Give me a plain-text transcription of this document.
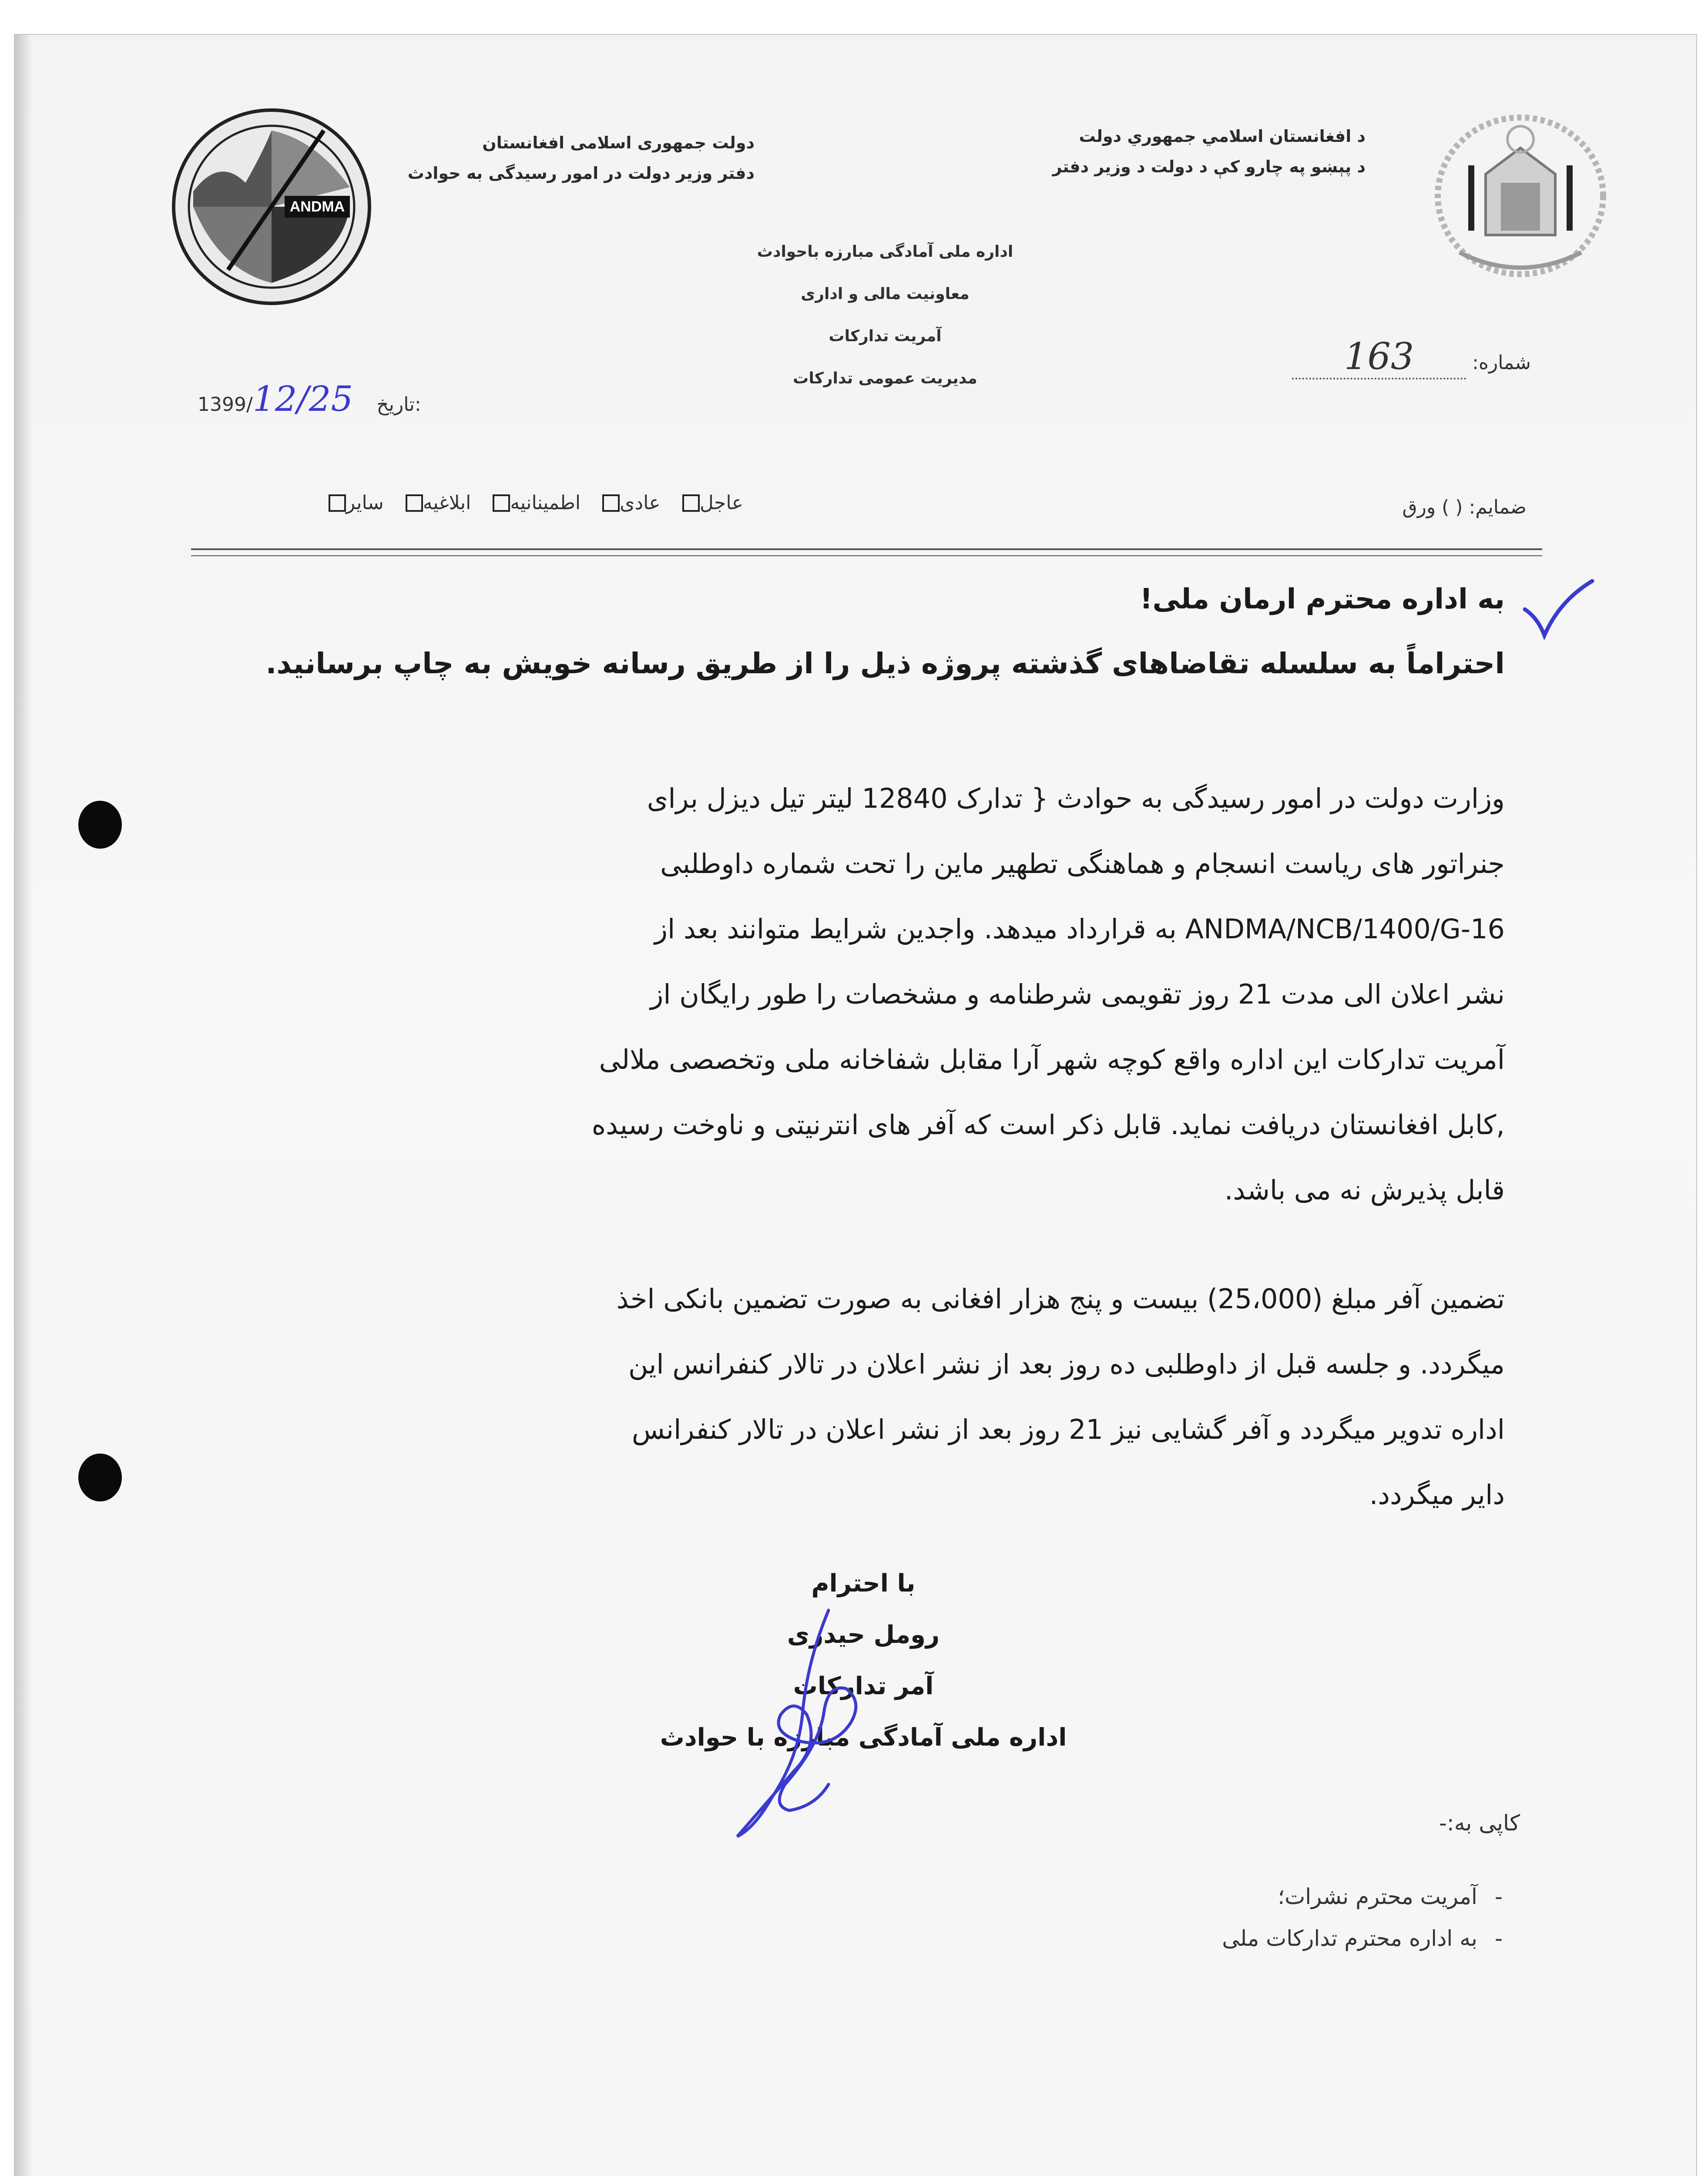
ANDMA
د افغانستان اسلامي جمهوري دولت
د پېښو په چارو کې د دولت د وزیر دفتر
دولت جمهوری اسلامی افغانستان
دفتر وزیر دولت در امور رسیدگی به حوادث
اداره ملی آمادگی مبارزه باحوادث
معاونیت مالی و اداری
آمریت تدارکات
مدیریت عمومی تدارکات
شماره: 163
1399/12/25 تاریخ:
ضمایم: ( ) ورق
عاجل

عادی

اطمینانیه

ابلاغیه

سایر
به اداره محترم ارمان ملی!
احتراماً به سلسله تقاضاهای گذشته پروژه ذیل را از طریق رسانه خویش به چاپ برسانید.
وزارت دولت در امور رسیدگی به حوادث { تدارک 12840 لیتر تیل دیزل برای
جنراتور های ریاست انسجام و هماهنگی تطهیر ماین را تحت شماره داوطلبی
ANDMA/NCB/1400/G-16 به قرارداد میدهد. واجدین شرایط متوانند بعد از
نشر اعلان الی مدت 21 روز تقویمی شرطنامه و مشخصات را طور رایگان از
آمریت تدارکات این اداره واقع کوچه شهر آرا مقابل شفاخانه ملی وتخصصی ملالی
,کابل افغانستان دریافت نماید. قابل ذکر است که آفر های انترنیتی و ناوخت رسیده
قابل پذیرش نه می باشد.
تضمین آفر مبلغ (25،000) بیست و پنج هزار افغانی به صورت تضمین بانکی اخذ
میگردد. و جلسه قبل از داوطلبی ده روز بعد از نشر اعلان در تالار کنفرانس این
اداره تدویر میگردد و آفر گشایی نیز 21 روز بعد از نشر اعلان در تالار کنفرانس
دایر میگردد.
با احترام
رومل حیدری
آمر تدارکات
اداره ملی آمادگی مبارزه با حوادث
کاپی به:-
-آمریت محترم نشرات؛
-به اداره محترم تدارکات ملی
